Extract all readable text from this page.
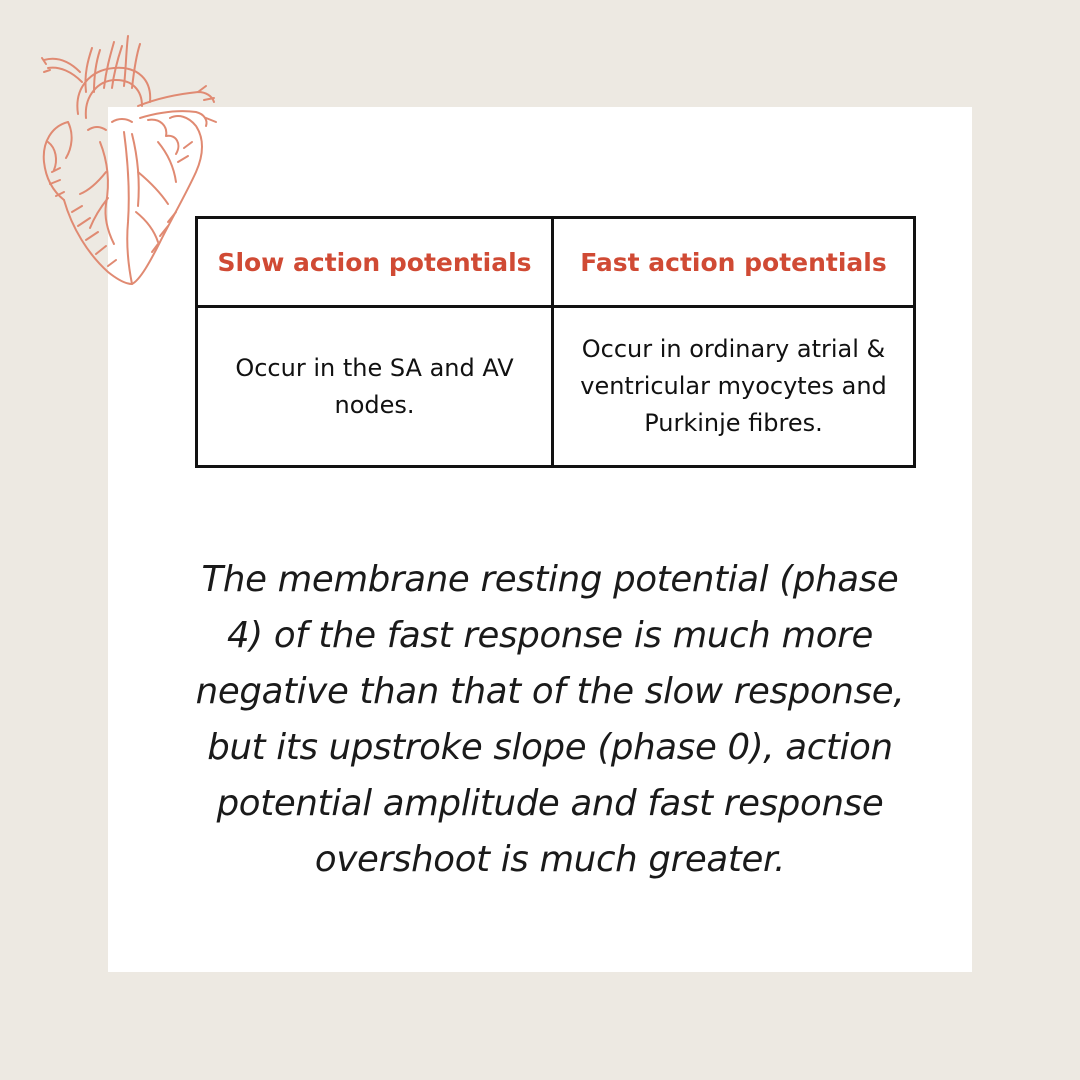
Slow action potentials	Fast action potentials
Occur in the SA and AV nodes.	Occur in ordinary atrial & ventricular myocytes and Purkinje fibres.

The membrane resting potential (phase 4) of the fast response is much more negative than that of the slow response, but its upstroke slope (phase 0), action potential amplitude and fast response overshoot is much greater.
